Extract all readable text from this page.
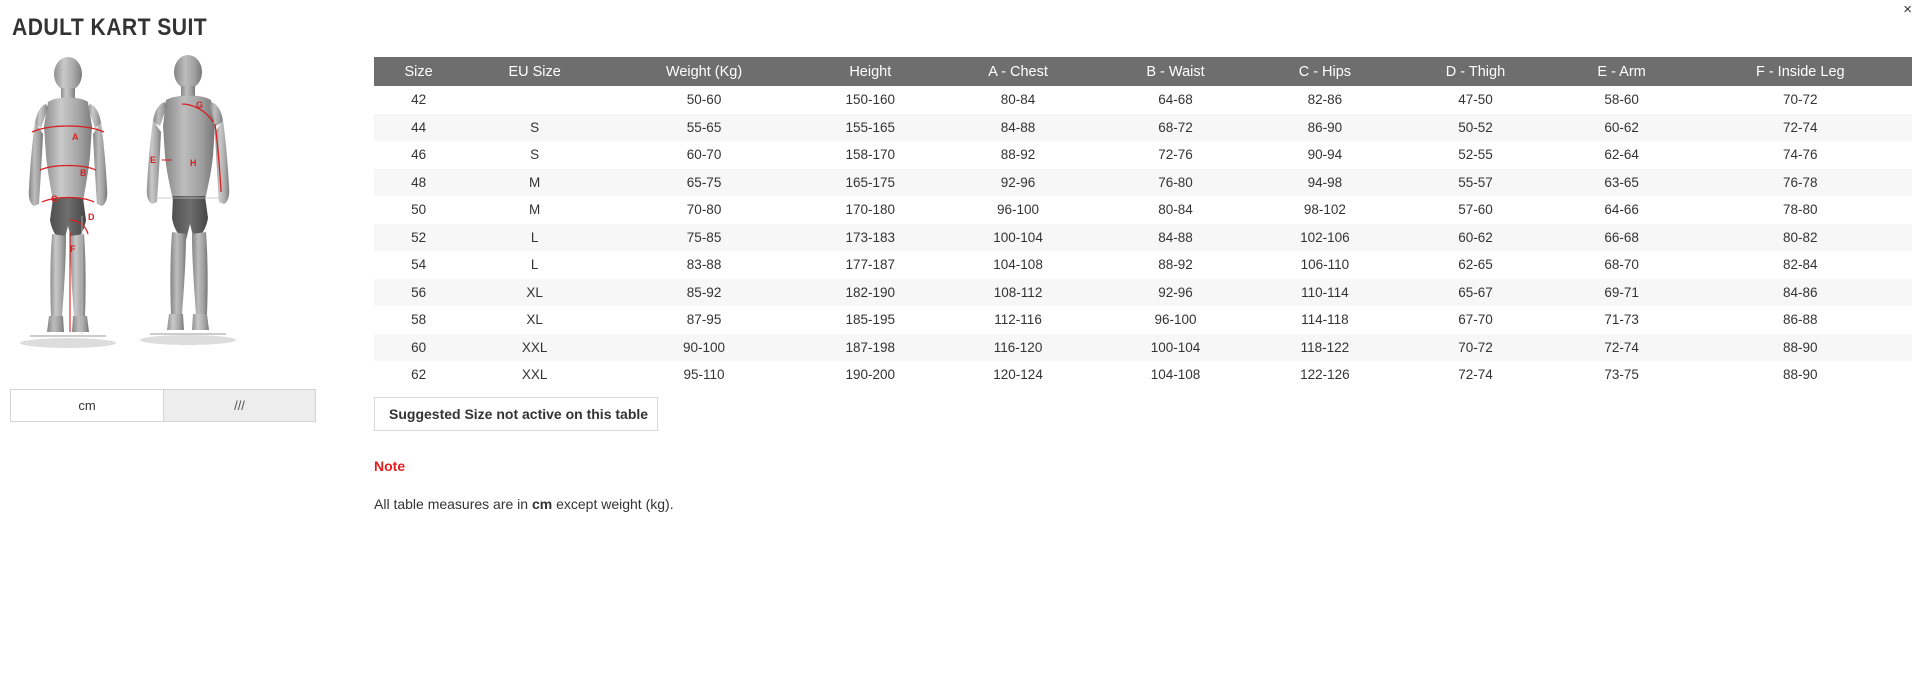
×
ADULT KART SUIT
A
B
C
D
F
G
E	H
cm	///
Size	EU Size	Weight (Kg)	Height	A - Chest	B - Waist	C - Hips	D - Thigh	E - Arm	F - Inside Leg
42		50-60	150-160	80-84	64-68	82-86	47-50	58-60	70-72
44	S	55-65	155-165	84-88	68-72	86-90	50-52	60-62	72-74
46	S	60-70	158-170	88-92	72-76	90-94	52-55	62-64	74-76
48	M	65-75	165-175	92-96	76-80	94-98	55-57	63-65	76-78
50	M	70-80	170-180	96-100	80-84	98-102	57-60	64-66	78-80
52	L	75-85	173-183	100-104	84-88	102-106	60-62	66-68	80-82
54	L	83-88	177-187	104-108	88-92	106-110	62-65	68-70	82-84
56	XL	85-92	182-190	108-112	92-96	110-114	65-67	69-71	84-86
58	XL	87-95	185-195	112-116	96-100	114-118	67-70	71-73	86-88
60	XXL	90-100	187-198	116-120	100-104	118-122	70-72	72-74	88-90
62	XXL	95-110	190-200	120-124	104-108	122-126	72-74	73-75	88-90
Suggested Size not active on this table
Note
All table measures are in cm except weight (kg).
